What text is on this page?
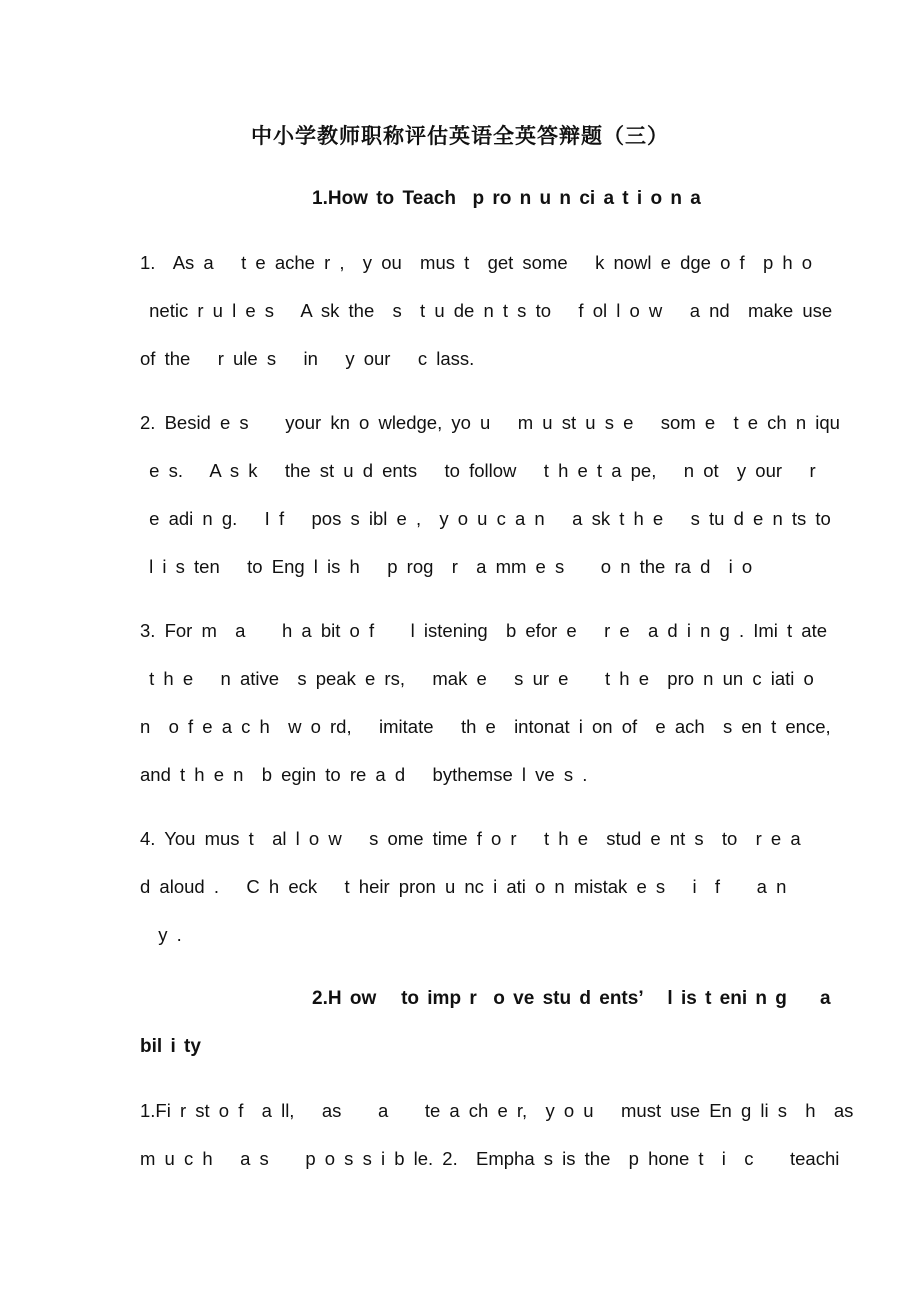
中小学教师职称评估英语全英答辩题（三）
1.How to Teach  p ro n u n ci a t i o n a
1.  As a   t e ache r ,  y ou  mus t  get some   k nowl e dge o f  p h o
netic r u l e s   A sk the  s  t u de n t s to   f ol l o w   a nd  make use
of the   r ule s   in   y our   c lass.
2. Besid e s    your kn o wledge, yo u   m u st u s e   som e  t e ch n iqu
e s.   A s k   the st u d ents   to follow   t h e t a pe,   n ot  y our   r
e adi n g.   I f   pos s ibl e ,  y o u c a n   a sk t h e   s tu d e n ts to
l i s ten   to Eng l is h   p rog  r  a mm e s    o n the ra d  i o
3. For m  a    h a bit o f    l istening  b efor e   r e  a d i n g . Imi t ate
t h e   n ative  s peak e rs,   mak e   s ur e    t h e  pro n un c iati o
n  o f e a c h  w o rd,   imitate   th e  intonat i on of  e ach  s en t ence,
and t h e n  b egin to re a d   bythemse l ve s .
4. You mus t  al l o w   s ome time f o r   t h e  stud e nt s  to  r e a
d aloud .   C h eck   t heir pron u nc i ati o n mistak e s   i  f    a n
y .
2.H ow   to imp r  o ve stu d ents’   l is t eni n g    a
bil i ty
1.Fi r st o f  a ll,   as    a    te a ch e r,  y o u   must use En g li s  h  as
m u c h   a s    p o s s i b le. 2.  Empha s is the  p hone t  i  c    teachi
